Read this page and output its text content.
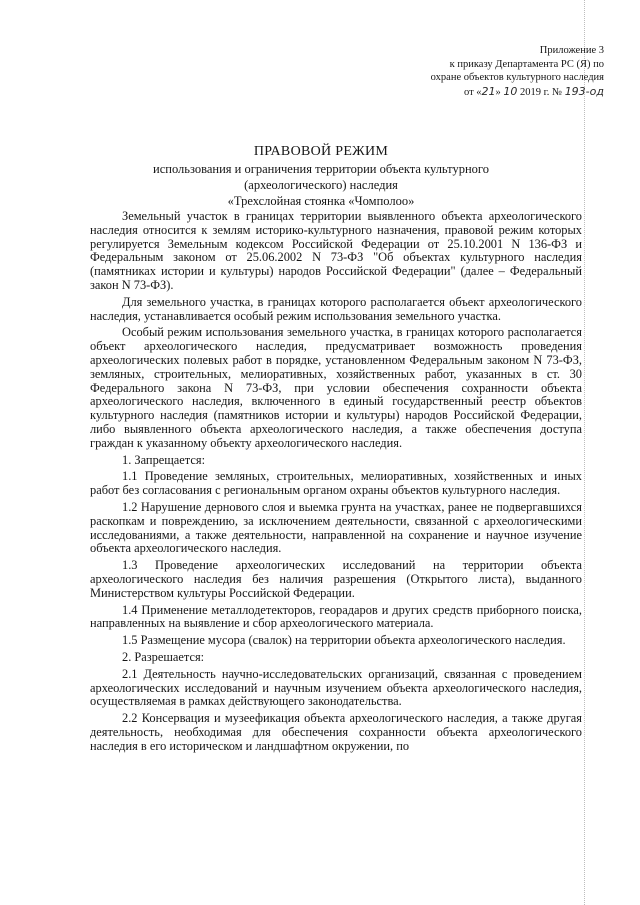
Приложение 3
к приказу Департамента РС (Я) по
охране объектов культурного наследия
от «21» 10 2019 г. № 193-од
ПРАВОВОЙ РЕЖИМ
использования и ограничения территории объекта культурного
(археологического) наследия
«Трехслойная стоянка «Чомполоо»

Земельный участок в границах территории выявленного объекта археологического наследия относится к землям историко-культурного назначения, правовой режим которых регулируется Земельным кодексом Российской Федерации от 25.10.2001 N 136-ФЗ и Федеральным законом от 25.06.2002 N 73-ФЗ "Об объектах культурного наследия (памятниках истории и культуры) народов Российской Федерации" (далее – Федеральный закон N 73-ФЗ).

Для земельного участка, в границах которого располагается объект археологического наследия, устанавливается особый режим использования земельного участка.

Особый режим использования земельного участка, в границах которого располагается объект археологического наследия, предусматривает возможность проведения археологических полевых работ в порядке, установленном Федеральным законом N 73-ФЗ, земляных, строительных, мелиоративных, хозяйственных работ, указанных в ст. 30 Федерального закона N 73-ФЗ, при условии обеспечения сохранности объекта археологического наследия, включенного в единый государственный реестр объектов культурного наследия (памятников истории и культуры) народов Российской Федерации, либо выявленного объекта археологического наследия, а также обеспечения доступа граждан к указанному объекту археологического наследия.

1. Запрещается:

1.1 Проведение земляных, строительных, мелиоративных, хозяйственных и иных работ без согласования с региональным органом охраны объектов культурного наследия.

1.2 Нарушение дернового слоя и выемка грунта на участках, ранее не подвергавшихся раскопкам и повреждению, за исключением деятельности, связанной с археологическими исследованиями, а также деятельности, направленной на сохранение и научное изучение объекта археологического наследия.

1.3 Проведение археологических исследований на территории объекта археологического наследия без наличия разрешения (Открытого листа), выданного Министерством культуры Российской Федерации.

1.4 Применение металлодетекторов, георадаров и других средств приборного поиска, направленных на выявление и сбор археологического материала.

1.5 Размещение мусора (свалок) на территории объекта археологического наследия.

2. Разрешается:

2.1 Деятельность научно-исследовательских организаций, связанная с проведением археологических исследований и научным изучением объекта археологического наследия, осуществляемая в рамках действующего законодательства.

2.2 Консервация и музеефикация объекта археологического наследия, а также другая деятельность, необходимая для обеспечения сохранности объекта археологического наследия в его историческом и ландшафтном окружении, по
